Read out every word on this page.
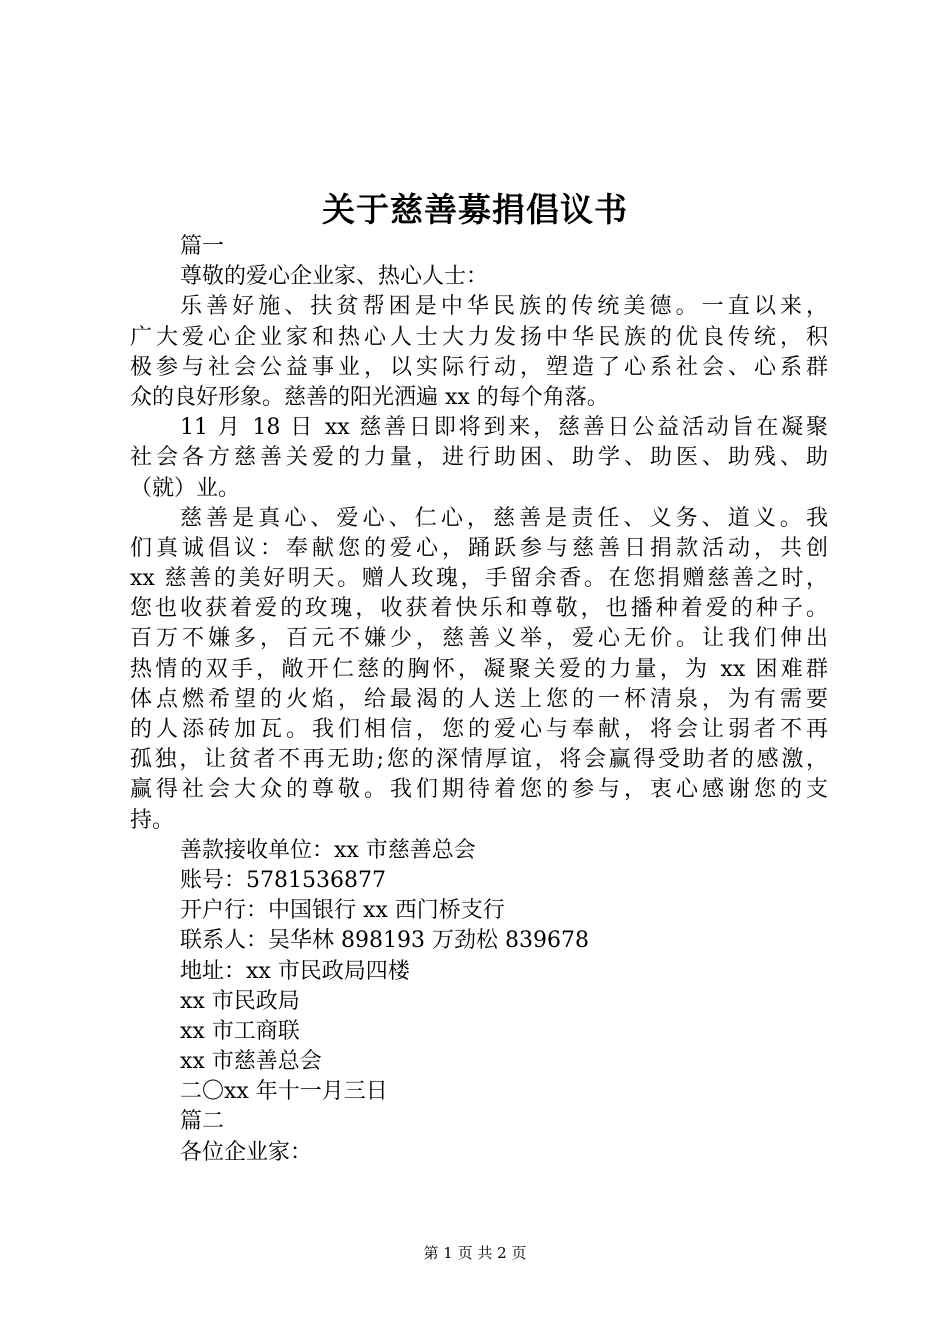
关于慈善募捐倡议书
篇一
尊敬的爱心企业家、热心人士：
乐善好施、扶贫帮困是中华民族的传统美德。一直以来，
广大爱心企业家和热心人士大力发扬中华民族的优良传统，积
极参与社会公益事业，以实际行动，塑造了心系社会、心系群
众的良好形象。慈善的阳光洒遍 xx 的每个角落。
11 月 18 日 xx 慈善日即将到来，慈善日公益活动旨在凝聚
社会各方慈善关爱的力量，进行助困、助学、助医、助残、助
（就）业。
慈善是真心、爱心、仁心，慈善是责任、义务、道义。我
们真诚倡议：奉献您的爱心，踊跃参与慈善日捐款活动，共创
xx 慈善的美好明天。赠人玫瑰，手留余香。在您捐赠慈善之时，
您也收获着爱的玫瑰，收获着快乐和尊敬，也播种着爱的种子。
百万不嫌多，百元不嫌少，慈善义举，爱心无价。让我们伸出
热情的双手，敞开仁慈的胸怀，凝聚关爱的力量，为 xx 困难群
体点燃希望的火焰，给最渴的人送上您的一杯清泉，为有需要
的人添砖加瓦。我们相信，您的爱心与奉献，将会让弱者不再
孤独，让贫者不再无助;您的深情厚谊，将会赢得受助者的感激，
赢得社会大众的尊敬。我们期待着您的参与，衷心感谢您的支
持。
善款接收单位：xx 市慈善总会
账号：5781536877
开户行：中国银行 xx 西门桥支行
联系人：吴华林 898193 万劲松 839678
地址：xx 市民政局四楼
xx 市民政局
xx 市工商联
xx 市慈善总会
二〇xx 年十一月三日
篇二
各位企业家：
第 1 页 共 2 页
